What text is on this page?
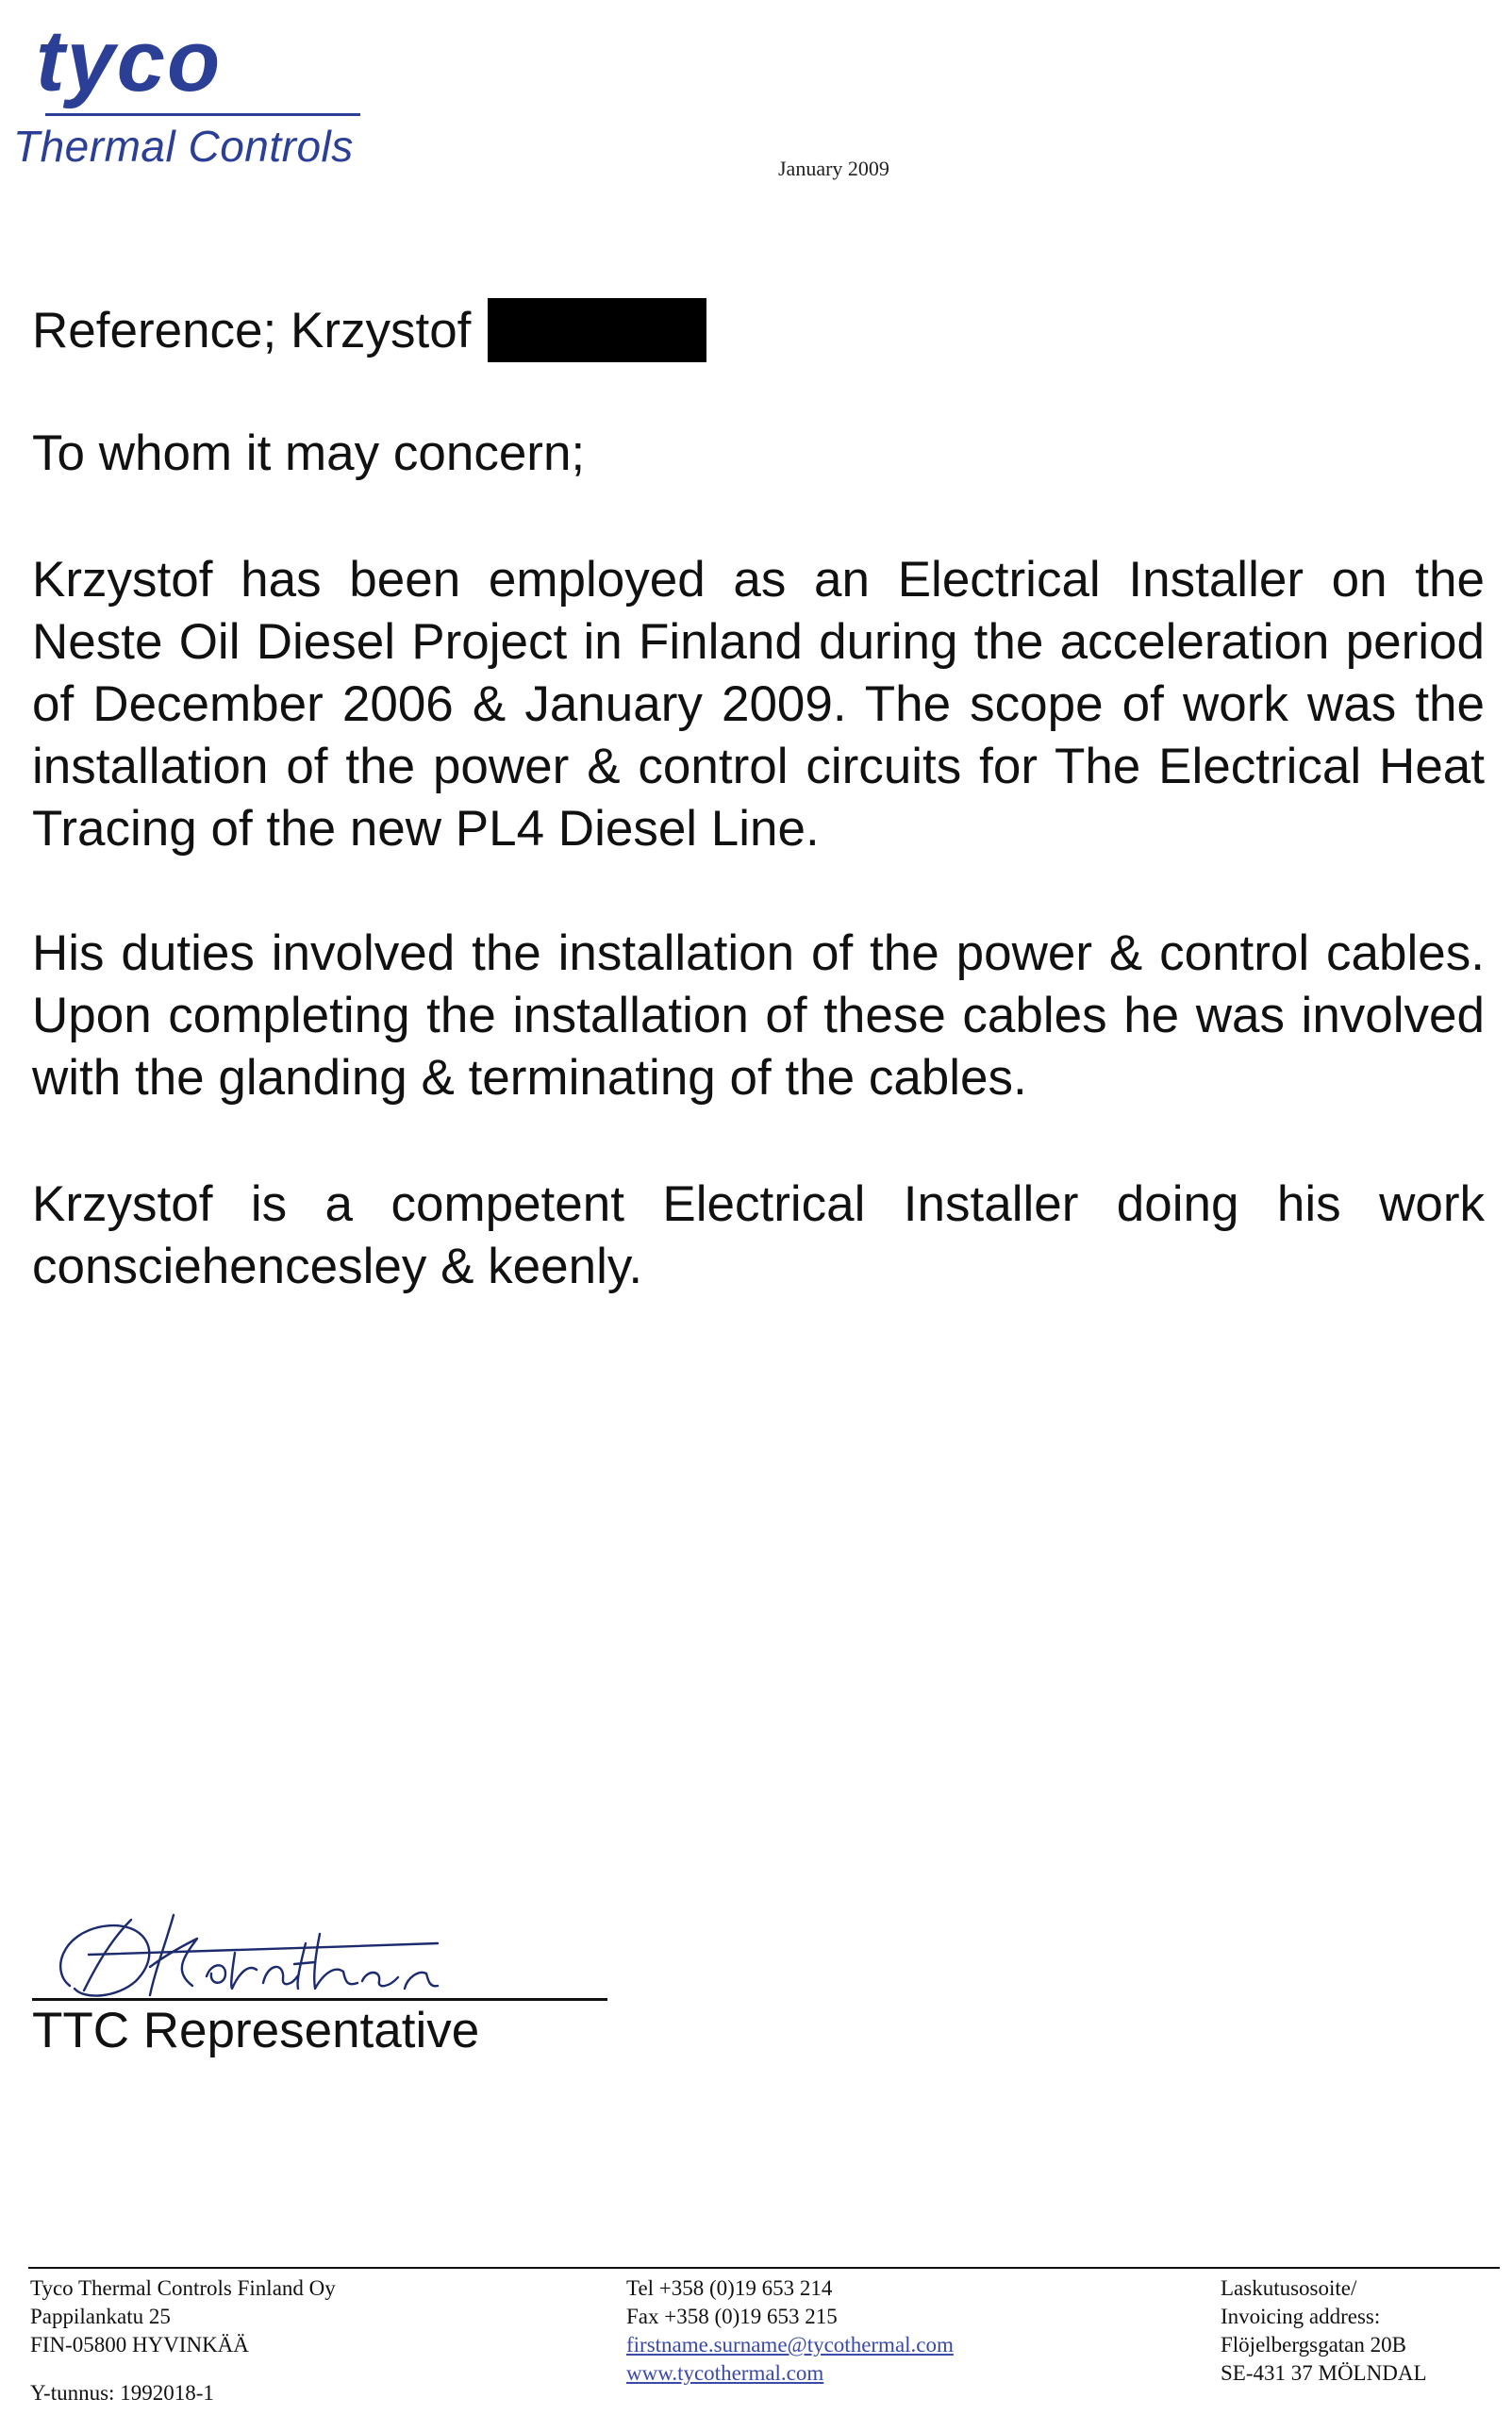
tyco
Thermal Controls	January 2009
Reference; Krzystof
To whom it may concern;
Krzystof has been employed as an Electrical Installer on the Neste Oil Diesel Project in Finland during the acceleration period of December 2006 & January 2009. The scope of work was the installation of the power & control circuits for The Electrical Heat Tracing of the new PL4 Diesel Line.
His duties involved the installation of the power & control cables. Upon completing the installation of these cables he was involved with the glanding & terminating of the cables.
Krzystof is a competent Electrical Installer doing his work consciehencesley & keenly.
TTC Representative
Tyco Thermal Controls Finland Oy
Pappilankatu 25
FIN-05800 HYVINKÄÄ
Tel +358 (0)19 653 214
Fax +358 (0)19 653 215
firstname.surname@tycothermal.com
www.tycothermal.com
Laskutusosoite/
Invoicing address:
Flöjelbergsgatan 20B
SE-431 37 MÖLNDAL
Y-tunnus: 1992018-1
